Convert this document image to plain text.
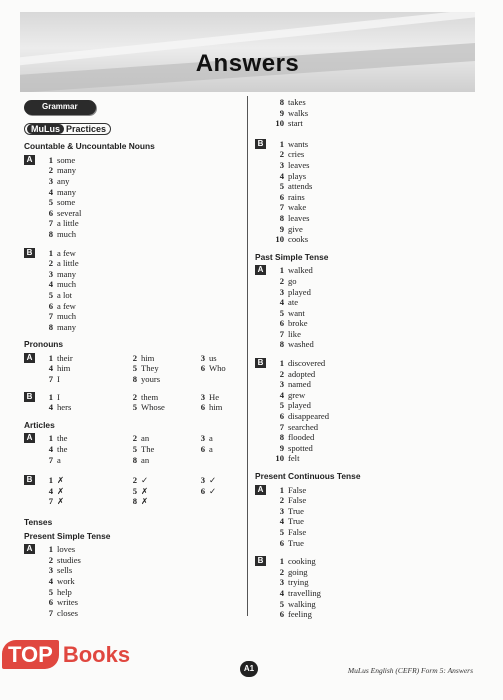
Answers
Grammar

MuLus Practices
Countable & Uncountable Nouns
A	1 some
2 many
3 any
4 many
5 some
6 several
7 a little
8 much
B	1 a few
2 a little
3 many
4 much
5 a lot
6 a few
7 much
8 many
Pronouns
A	1 their	2 him	3 us
4 him	5 They	6 Who
7 I	8 yours
B	1 I	2 them	3 He
4 hers	5 Whose	6 him
Articles
A	1 the	2 an	3 a
4 the	5 The	6 a
7 a	8 an
B	1 ✗	2 ✓	3 ✓
4 ✗	5 ✗	6 ✓
7 ✗	8 ✗
Tenses
Present Simple Tense
A	1 loves
2 studies
3 sells
4 work
5 help
6 writes
7 closes
8 takes
9 walks
10 start
B	1 wants
2 cries
3 leaves
4 plays
5 attends
6 rains
7 wake
8 leaves
9 give
10 cooks
Past Simple Tense
A	1 walked
2 go
3 played
4 ate
5 want
6 broke
7 like
8 washed
B	1 discovered
2 adopted
3 named
4 grew
5 played
6 disappeared
7 searched
8 flooded
9 spotted
10 felt
Present Continuous Tense
A	1 False
2 False
3 True
4 True
5 False
6 True
B	1 cooking
2 going
3 trying
4 travelling
5 walking
6 feeling
TOP Books
A1	MuLus English (CEFR) Form 5: Answers
